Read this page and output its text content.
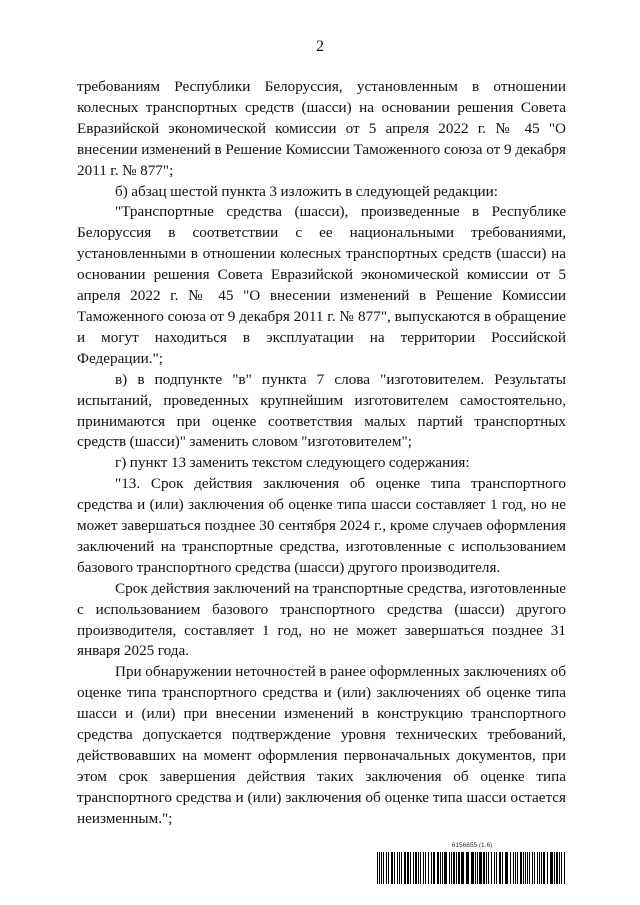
2

требованиям Республики Белоруссия, установленным в отношении колесных транспортных средств (шасси) на основании решения Совета Евразийской экономической комиссии от 5 апреля 2022 г. № 45 "О внесении изменений в Решение Комиссии Таможенного союза от 9 декабря 2011 г. № 877";

б) абзац шестой пункта 3 изложить в следующей редакции:

"Транспортные средства (шасси), произведенные в Республике Белоруссия в соответствии с ее национальными требованиями, установленными в отношении колесных транспортных средств (шасси) на основании решения Совета Евразийской экономической комиссии от 5 апреля 2022 г. № 45 "О внесении изменений в Решение Комиссии Таможенного союза от 9 декабря 2011 г. № 877", выпускаются в обращение и могут находиться в эксплуатации на территории Российской Федерации.";

в) в подпункте "в" пункта 7 слова "изготовителем. Результаты испытаний, проведенных крупнейшим изготовителем самостоятельно, принимаются при оценке соответствия малых партий транспортных средств (шасси)" заменить словом "изготовителем";

г) пункт 13 заменить текстом следующего содержания:

"13. Срок действия заключения об оценке типа транспортного средства и (или) заключения об оценке типа шасси составляет 1 год, но не может завершаться позднее 30 сентября 2024 г., кроме случаев оформления заключений на транспортные средства, изготовленные с использованием базового транспортного средства (шасси) другого производителя.

Срок действия заключений на транспортные средства, изготовленные с использованием базового транспортного средства (шасси) другого производителя, составляет 1 год, но не может завершаться позднее 31 января 2025 года.

При обнаружении неточностей в ранее оформленных заключениях об оценке типа транспортного средства и (или) заключениях об оценке типа шасси и (или) при внесении изменений в конструкцию транспортного средства допускается подтверждение уровня технических требований, действовавших на момент оформления первоначальных документов, при этом срок завершения действия таких заключения об оценке типа транспортного средства и (или) заключения об оценке типа шасси остается неизменным.";

6156655 (1.6)
